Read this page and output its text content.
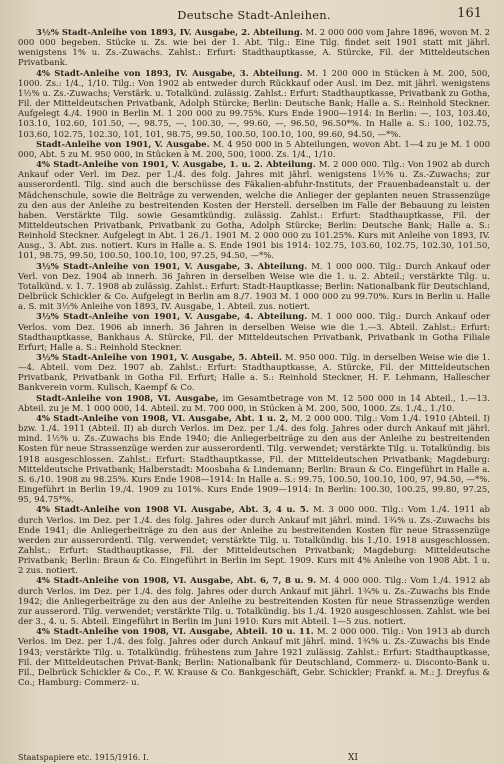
Deutsche Stadt-Anleihen.	161

3½% Stadt-Anleihe von 1893, IV. Ausgabe, 2. Abteilung. M. 2 000 000 vom Jahre 1896, wovon M. 2 000 000 begeben. Stücke u. Zs. wie bei der 1. Abt. Tilg.: Eine Tilg. findet seit 1901 statt mit jährl. wenigstens 1% u. Zs.-Zuwachs. Zahlst.: Erfurt: Stadthauptkasse, A. Stürcke, Fil. der Mitteldeutschen Privatbank.

4% Stadt-Anleihe von 1893, IV. Ausgabe, 3. Abteilung. M. 1 200 000 in Stücken à M. 200, 500, 1000. Zs.: 1/4., 1/10. Tilg.: Von 1902 ab entweder durch Rückkauf oder Ausl. im Dez. mit jährl. wenigstens 1½% u. Zs.-Zuwachs; Verstärk. u. Totalkünd. zulässig. Zahlst.: Erfurt: Stadthauptkasse, Privatbank zu Gotha, Fil. der Mitteldeutschen Privatbank, Adolph Stürcke; Berlin: Deutsche Bank; Halle a. S.: Reinhold Steckner. Aufgelegt 4./4. 1900 in Berlin M. 1 200 000 zu 99.75%. Kurs Ende 1900—1914: In Berlin: —, 103, 103.40, 103.10, 102.60, 101.50, —, 98.75, —, 100.30, —, 99.60, —, 96.50, 96.50*%. In Halle a. S.: 100, 102.75, 103.60, 102.75, 102.30, 101, 101, 98.75, 99.50, 100.50, 100.10, 100, 99.60, 94.50, —*%.

Stadt-Anleihe von 1901, V. Ausgabe. M. 4 950 000 in 5 Abteilungen, wovon Abt. 1—4 zu je M. 1 000 000, Abt. 5 zu M. 950 000, in Stücken à M. 200, 500, 1000. Zs. 1/4., 1/10.

4% Stadt-Anleihe von 1901, V. Ausgabe, 1. u. 2. Abteilung. M. 2 000 000. Tilg.: Von 1902 ab durch Ankauf oder Verl. im Dez. per 1./4. des folg. Jahres mit jährl. wenigstens 1½% u. Zs.-Zuwachs; zur ausserordentl. Tilg. sind auch die berschüsse des Fäkalien-abfuhr-Instituts, der Frauenbadeanstalt u. der Mädchenschule, sowie die Beiträge zu verwenden, welche die Anlieger der geplanten neuen Strassenzüge zu den aus der Anleihe zu bestreitenden Kosten der Herstell. derselben im Falle der Bebauung zu leisten haben. Verstärkte Tilg. sowie Gesamtkündig. zulässig. Zahlst.: Erfurt: Stadthauptkasse, Fil. der Mitteldeutschen Privatbank, Privatbank zu Gotha, Adolph Stürcke; Berlin: Deutsche Bank; Halle a. S.: Reinhold Steckner. Aufgelegt in Abt. 1 26./1. 1901 M. 2 000 000 zu 101.25%. Kurs mit Anleihe von 1893, IV. Ausg., 3. Abt. zus. notiert. Kurs in Halle a. S. Ende 1901 bis 1914: 102.75, 103.60, 102.75, 102.30, 101.50, 101, 98.75, 99.50, 100.50, 100.10, 100, 97.25, 94.50, —*%.

3½% Stadt-Anleihe von 1901, V. Ausgabe, 3. Abteilung. M. 1 000 000. Tilg.: Durch Ankauf oder Verl. von Dez. 1904 ab innerh. 36 Jahren in derselben Weise wie die 1. u. 2. Abteil.; verstärkte Tilg. u. Totalkünd. v. 1. 7. 1908 ab zulässig. Zahlst.: Erfurt: Stadt-Hauptkasse; Berlin: Nationalbank für Deutschland, Delbrück Schickler & Co. Aufgelegt in Berlin am 8./7. 1903 M. 1 000 000 zu 99.70%. Kurs in Berlin u. Halle a. S. mit 3½% Anleihe von 1893, IV. Ausgabe, 1. Abteil. zus. notiert.

3½% Stadt-Anleihe von 1901, V. Ausgabe, 4. Abteilung. M. 1 000 000. Tilg.: Durch Ankauf oder Verlos. vom Dez. 1906 ab innerh. 36 Jahren in derselben Weise wie die 1.—3. Abteil. Zahlst.: Erfurt: Stadthauptkasse, Bankhaus A. Stürcke, Fil. der Mitteldeutschen Privatbank, Privatbank in Gotha Filiale Erfurt; Halle a. S.: Reinhold Steckner.

3½% Stadt-Anleihe von 1901, V. Ausgabe, 5. Abteil. M. 950 000. Tilg. in derselben Weise wie die 1.—4. Abteil. vom Dez. 1907 ab. Zahlst.: Erfurt: Stadthauptkasse, A. Stürcke, Fil. der Mitteldeutschen Privatbank, Privatbank in Gotha Fil. Erfurt; Halle a. S.: Reinhold Steckner, H. F. Lehmann, Hallescher Bankverein vorm. Kulisch, Kaempf & Co.

Stadt-Anleihe von 1908, VI. Ausgabe, im Gesamtbetrage von M. 12 500 000 in 14 Abteil., 1.—13. Abteil. zu je M. 1 000 000, 14. Abteil. zu M. 700 000, in Stücken à M. 200, 500, 1000. Zs. 1./4., 1./10.

4% Stadt-Anleihe von 1908, VI. Ausgabe, Abt. 1 u. 2, M. 2 000 000. Tilg.: Vom 1./4. 1910 (Abteil. I) bzw. 1./4. 1911 (Abteil. II) ab durch Verlos. im Dez. per 1./4. des folg. Jahres oder durch Ankauf mit jährl. mind. 1½% u. Zs.-Zuwachs bis Ende 1940; die Anliegerbeiträge zu den aus der Anleihe zu bestreitenden Kosten für neue Strassenzüge werden zur ausserordentl. Tilg. verwendet; verstärkte Tilg. u. Totalkündig. bis 1918 ausgeschlossen. Zahlst.: Erfurt: Stadthauptkasse, Fil. der Mitteldeutschen Privatbank; Magdeburg: Mitteldeutsche Privatbank; Halberstadt: Moosbaha & Lindemann; Berlin: Braun & Co. Eingeführt in Halle a. S. 6./10. 1908 zu 98.25%. Kurs Ende 1908—1914: In Halle a. S.: 99.75, 100.50, 100.10, 100, 97, 94.50, —*%. Eingeführt in Berlin 19./4. 1909 zu 101%. Kurs Ende 1909—1914: In Berlin: 100.30, 100.25, 99.80, 97.25, 95, 94.75*%.

4% Stadt-Anleihe von 1908 VI. Ausgabe, Abt. 3, 4 u. 5. M. 3 000 000. Tilg.: Vom 1./4. 1911 ab durch Verlos. im Dez. per 1./4. des folg. Jahres oder durch Ankauf mit jährl. mind. 1¾% u. Zs.-Zuwachs bis Ende 1941; die Anliegerbeiträge zu den aus der Anleihe zu bestreitenden Kosten für neue Strassenzüge werden zur ausserordentl. Tilg. verwendet; verstärkte Tilg. u. Totalkündig. bis 1./10. 1918 ausgeschlossen. Zahlst.: Erfurt: Stadthauptkasse, Fil. der Mitteldeutschen Privatbank; Magdeburg: Mitteldeutsche Privatbank; Berlin: Braun & Co. Eingeführt in Berlin im Sept. 1909. Kurs mit 4% Anleihe von 1908 Abt. 1 u. 2 zus. notiert.

4% Stadt-Anleihe von 1908, VI. Ausgabe, Abt. 6, 7, 8 u. 9. M. 4 000 000. Tilg.: Vom 1./4. 1912 ab durch Verlos. im Dez. per 1./4. des folg. Jahres oder durch Ankauf mit jährl. 1¾% u. Zs.-Zuwachs bis Ende 1942; die Anliegerbeiträge zu den aus der Anleihe zu bestreitenden Kosten für neue Strassenzüge werden zur ausserord. Tilg. verwendet; verstärkte Tilg. u. Totalkündig. bis 1./4. 1920 ausgeschlossen. Zahlst. wie bei der 3., 4. u. 5. Abteil. Eingeführt in Berlin im Juni 1910: Kurs mit Abteil. 1—5 zus. notiert.

4% Stadt-Anleihe von 1908, VI. Ausgabe, Abteil. 10 u. 11. M. 2 000 000. Tilg.: Von 1913 ab durch Verlos. im Dez. per 1./4. des folg. Jahres oder durch Ankauf mit jährl. mind. 1¾% u. Zs.-Zuwachs bis Ende 1943; verstärkte Tilg. u. Totalkündig. frühestens zum Jahre 1921 zulässig. Zahlst.: Erfurt: Stadthauptkasse, Fil. der Mitteldeutschen Privat-Bank; Berlin: Nationalbank für Deutschland, Commerz- u. Disconto-Bank u. Fil., Delbrück Schickler & Co., F. W. Krause & Co. Bankgeschäft, Gebr. Schickler; Frankf. a. M.: J. Dreyfus & Co.; Hamburg: Commerz- u.

Staatspapiere etc. 1915/1916. I.	XI
